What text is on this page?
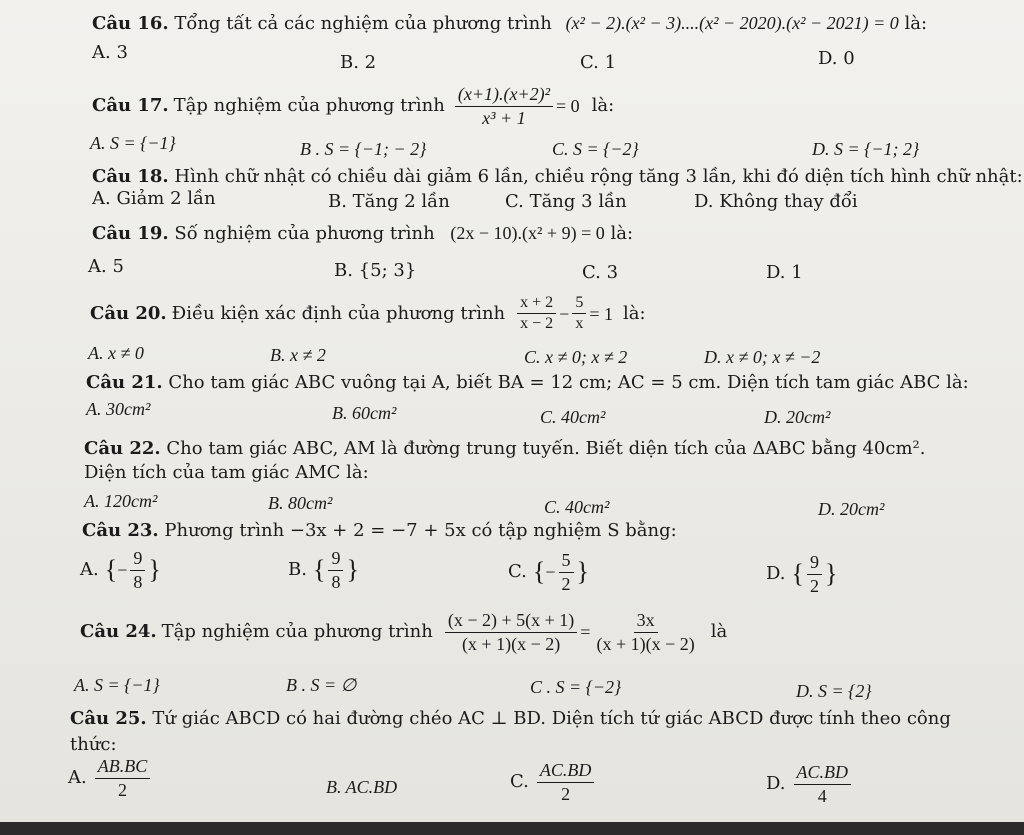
Câu 16. Tổng tất cả các nghiệm của phương trình (x² − 2).(x² − 3)....(x² − 2020).(x² − 2021) = 0 là:
A. 3	B. 2	C. 1	D. 0
Câu 17. Tập nghiệm của phương trình $\frac{\text{(x+1).(x+2)²}}{\text{x³ + 1}} = 0$ là:
A. S = {−1}	B . S = {−1; − 2}	C. S = {−2}	D. S = {−1; 2}
Câu 18. Hình chữ nhật có chiều dài giảm 6 lần, chiều rộng tăng 3 lần, khi đó diện tích hình chữ nhật:
A. Giảm 2 lần	B. Tăng 2 lần	C. Tăng 3 lần	D. Không thay đổi
Câu 19. Số nghiệm của phương trình (2x − 10).(x² + 9) = 0 là:
A. 5	B. {5; 3}	C. 3	D. 1
Câu 20. Điều kiện xác định của phương trình $\frac{x + 2}{x - 2} - \frac{5}{x} = 1$ là:
A. x ≠ 0	B. x ≠ 2	C. x ≠ 0; x ≠ 2	D. x ≠ 0; x ≠ −2
Câu 21. Cho tam giác ABC vuông tại A, biết BA = 12 cm; AC = 5 cm. Diện tích tam giác ABC là:
A. 30cm²	B. 60cm²	C. 40cm²	D. 20cm²
Câu 22. Cho tam giác ABC, AM là đường trung tuyến. Biết diện tích của ΔABC bằng 40cm².
Diện tích của tam giác AMC là:
A. 120cm²	B. 80cm²	C. 40cm²	D. 20cm²
Câu 23. Phương trình −3x + 2 = −7 + 5x có tập nghiệm S bằng:
A. { − $\frac{9}{8}$ }	B. { $\frac{9}{8}$ }	C. { − $\frac{5}{2}$ }	D. { $\frac{9}{2}$ }
Câu 24. Tập nghiệm của phương trình $\frac{(x - 2) + 5(x + 1)}{(x + 1)(x - 2)} = \frac{3x}{(x + 1)(x - 2)}$ là
A. S = {−1}	B . S = ∅	C . S = {−2}	D. S = {2}
Câu 25. Tứ giác ABCD có hai đường chéo AC ⊥ BD. Diện tích tứ giác ABCD được tính theo công
thức:
A. $\frac{AB.BC}{2}$	B. AC.BD	C. $\frac{AC.BD}{2}$	D. $\frac{AC.BD}{4}$
